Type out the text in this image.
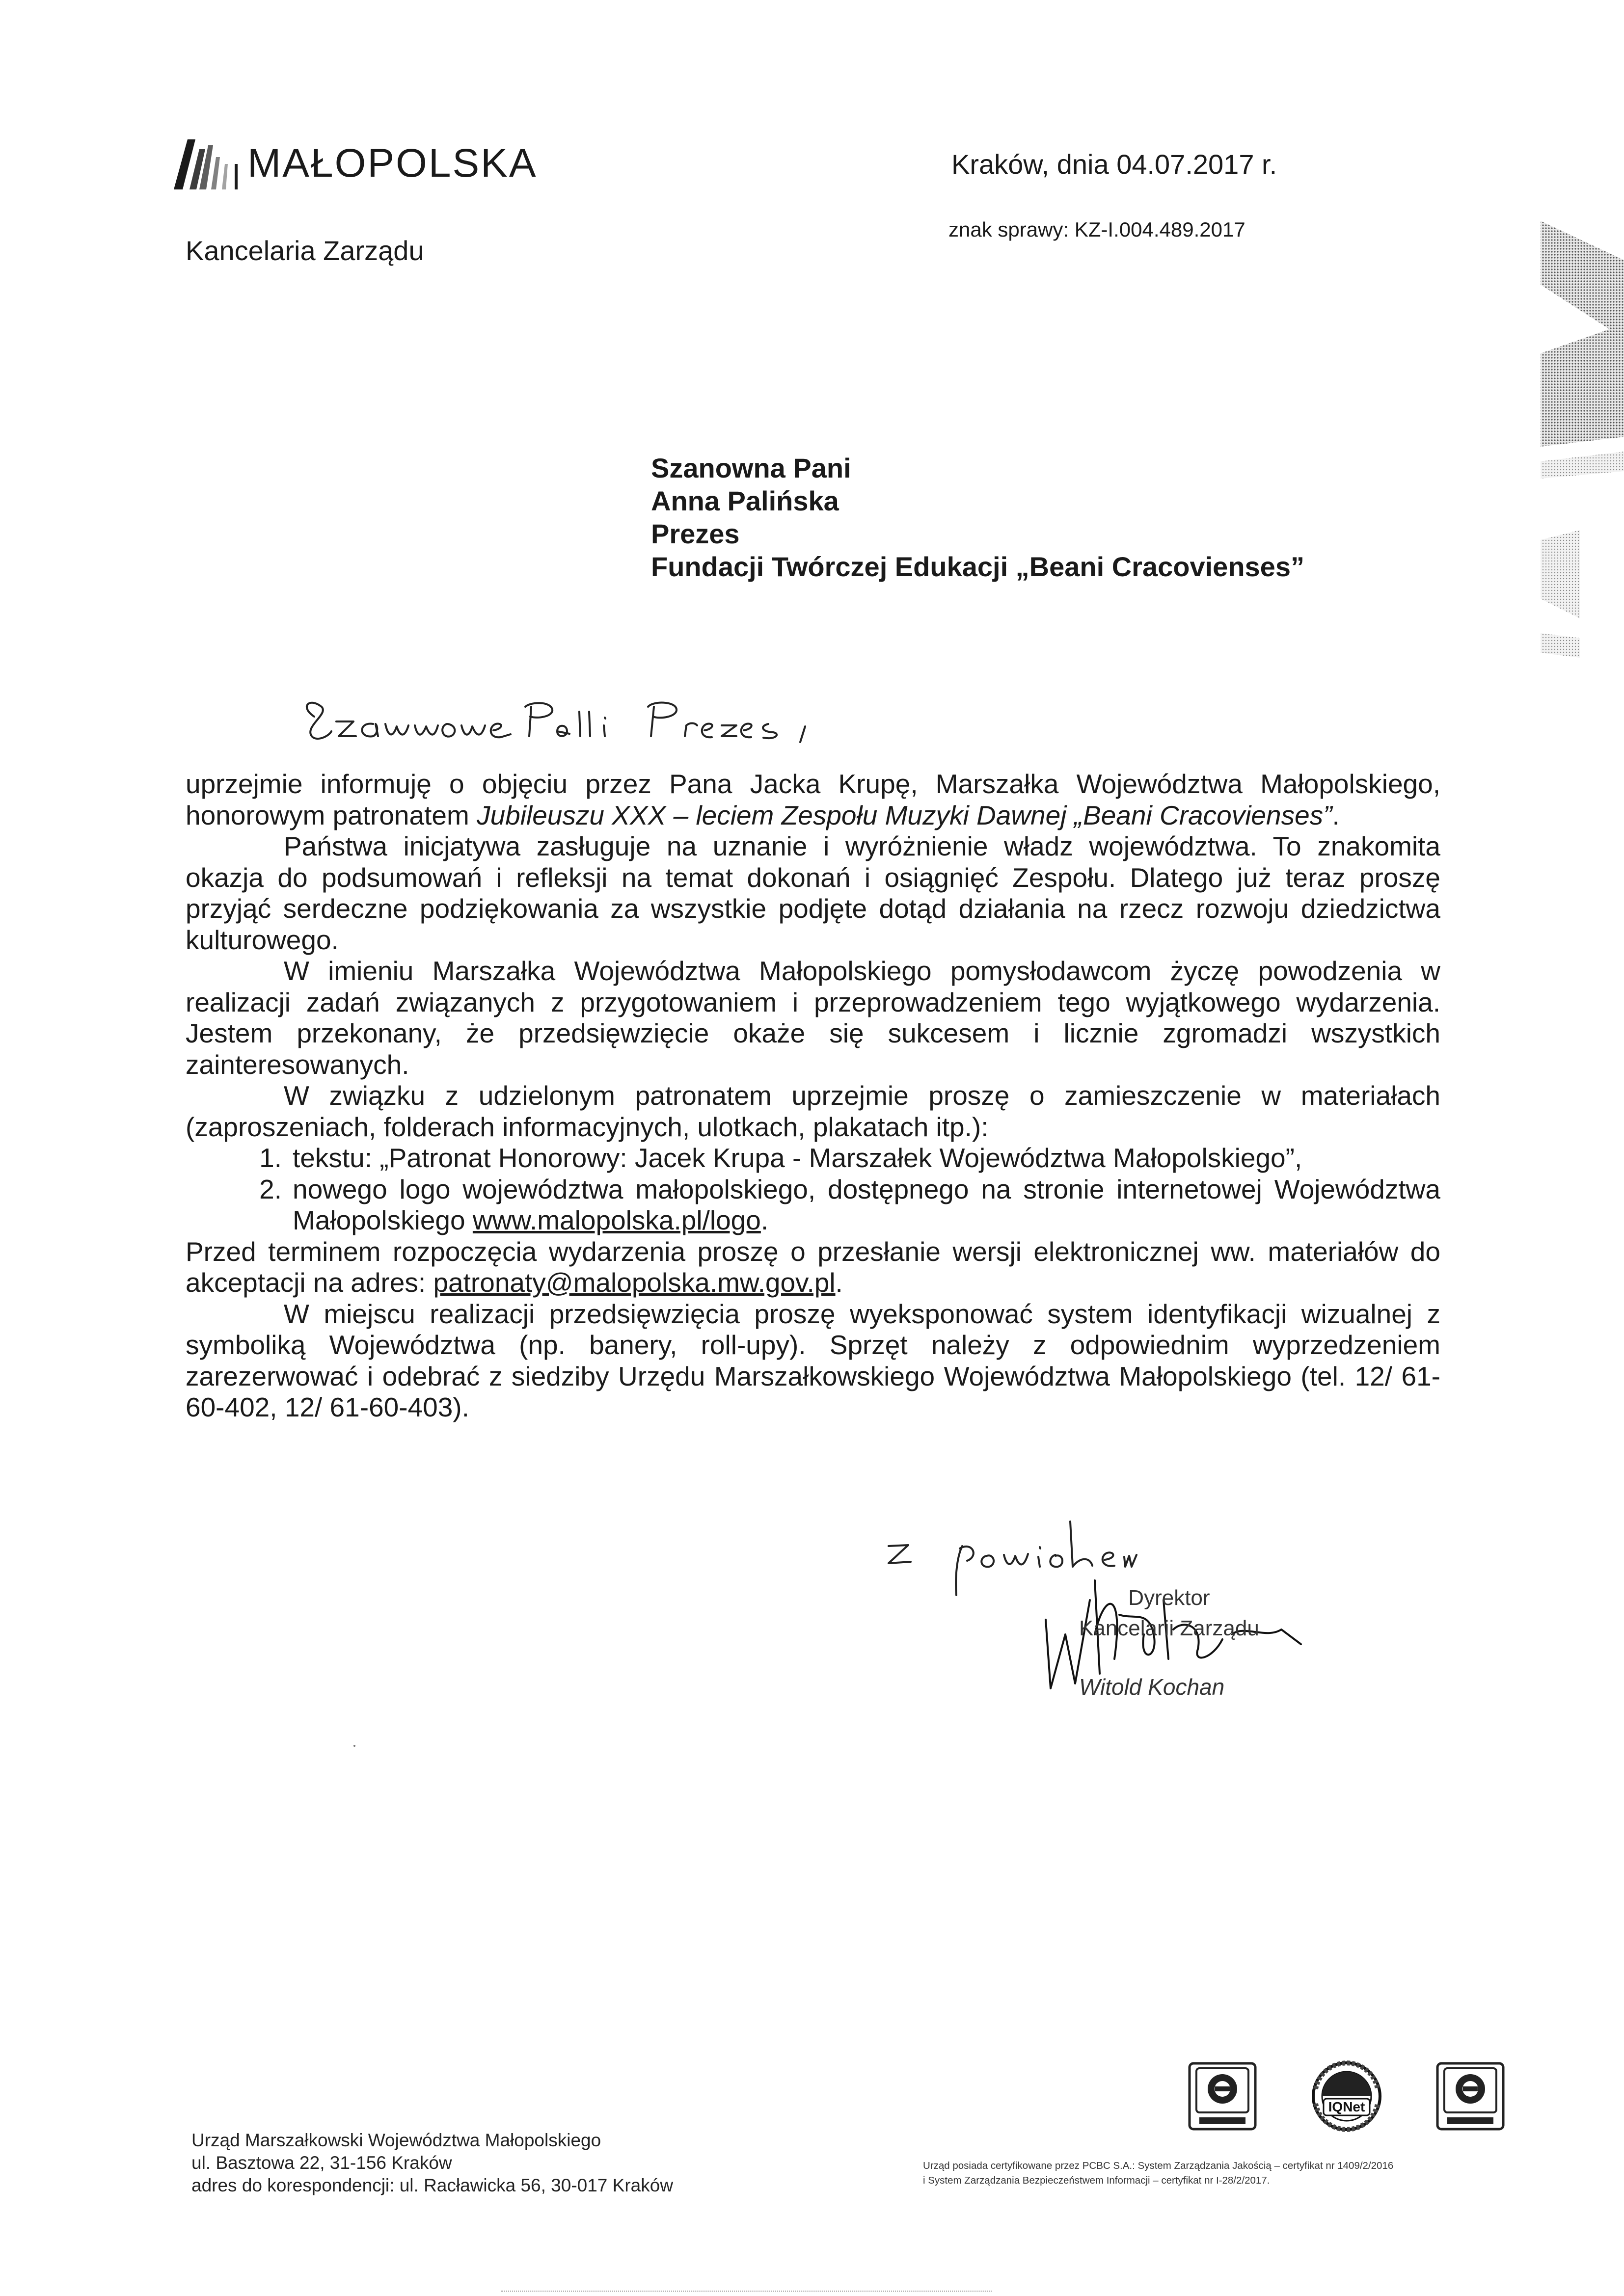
MAŁOPOLSKA
Kancelaria Zarządu
Kraków, dnia 04.07.2017 r.
znak sprawy: KZ-I.004.489.2017
Szanowna Pani
Anna Palińska
Prezes
Fundacji Twórczej Edukacji „Beani Cracovienses”

uprzejmie informuję o objęciu przez Pana Jacka Krupę, Marszałka Województwa Małopolskiego, honorowym patronatem Jubileuszu XXX – leciem Zespołu Muzyki Dawnej „Beani Cracovienses”.

Państwa inicjatywa zasługuje na uznanie i wyróżnienie władz województwa. To znakomita okazja do podsumowań i refleksji na temat dokonań i osiągnięć Zespołu. Dlatego już teraz proszę przyjąć serdeczne podziękowania za wszystkie podjęte dotąd działania na rzecz rozwoju dziedzictwa kulturowego.

W imieniu Marszałka Województwa Małopolskiego pomysłodawcom życzę powodzenia w realizacji zadań związanych z przygotowaniem i przeprowadzeniem tego wyjątkowego wydarzenia. Jestem przekonany, że przedsięwzięcie okaże się sukcesem i licznie zgromadzi wszystkich zainteresowanych.

W związku z udzielonym patronatem uprzejmie proszę o zamieszczenie w materiałach (zaproszeniach, folderach informacyjnych, ulotkach, plakatach itp.):

1. tekstu: „Patronat Honorowy: Jacek Krupa - Marszałek Województwa Małopolskiego”,
2. nowego logo województwa małopolskiego, dostępnego na stronie internetowej Województwa Małopolskiego www.malopolska.pl/logo.

Przed terminem rozpoczęcia wydarzenia proszę o przesłanie wersji elektronicznej ww. materiałów do akceptacji na adres: patronaty@malopolska.mw.gov.pl.

W miejscu realizacji przedsięwzięcia proszę wyeksponować system identyfikacji wizualnej z symboliką Województwa (np. banery, roll-upy). Sprzęt należy z odpowiednim wyprzedzeniem zarezerwować i odebrać z siedziby Urzędu Marszałkowskiego Województwa Małopolskiego (tel. 12/ 61-60-402, 12/ 61-60-403).

Dyrektor
Kancelarii Zarządu
Witold Kochan
Urząd Marszałkowski Województwa Małopolskiego
ul. Basztowa 22, 31-156 Kraków
adres do korespondencji: ul. Racławicka 56, 30-017 Kraków
IQNet
Urząd posiada certyfikowane przez PCBC S.A.: System Zarządzania Jakością – certyfikat nr 1409/2/2016
i System Zarządzania Bezpieczeństwem Informacji – certyfikat nr I-28/2/2017.
